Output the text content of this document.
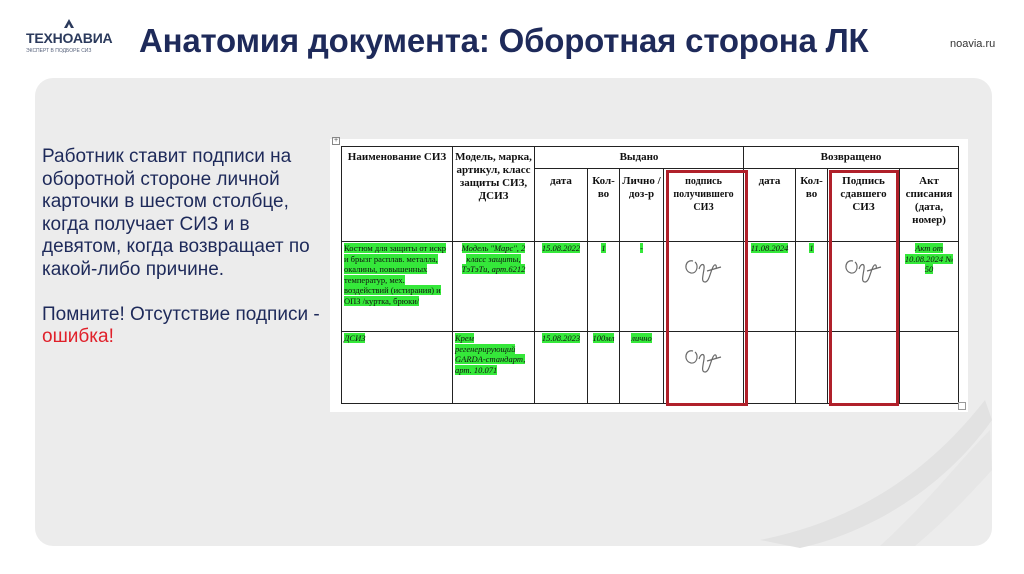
ТЕХНОАВИА
ЭКСПЕРТ В ПОДБОРЕ СИЗ
noavia.ru
Анатомия документа: Оборотная сторона ЛК

Работник ставит подписи на оборотной стороне личной карточки в шестом столбце, когда получает СИЗ и в девятом, когда возвращает по какой-либо причине.

Помните! Отсутствие подписи - ошибка!

+
Наименование СИЗ	Модель, марка, артикул, класс защиты СИЗ, ДСИЗ	Выдано				Возвращено			
		дата	Кол-во	Лично /доз-р	подпись получившего СИЗ	дата	Кол-во	Подпись сдавшего СИЗ	Акт списания (дата, номер)
Костюм для защиты от искр и брызг расплав. металла, окалины, повышенных температур, мех. воздействий (истирания) и ОПЗ /куртка, брюки/	Модель "Марс", 2 класс защиты, ТэТэТи, арт.6212	15.08.2022	1	-		11.08.2024	1		Акт от 10.08.2024 № 50
ДСИЗ	Крем регенерирующий GARDA-стандарт, арт. 10.071	15.08.2023	100мл	лично	
